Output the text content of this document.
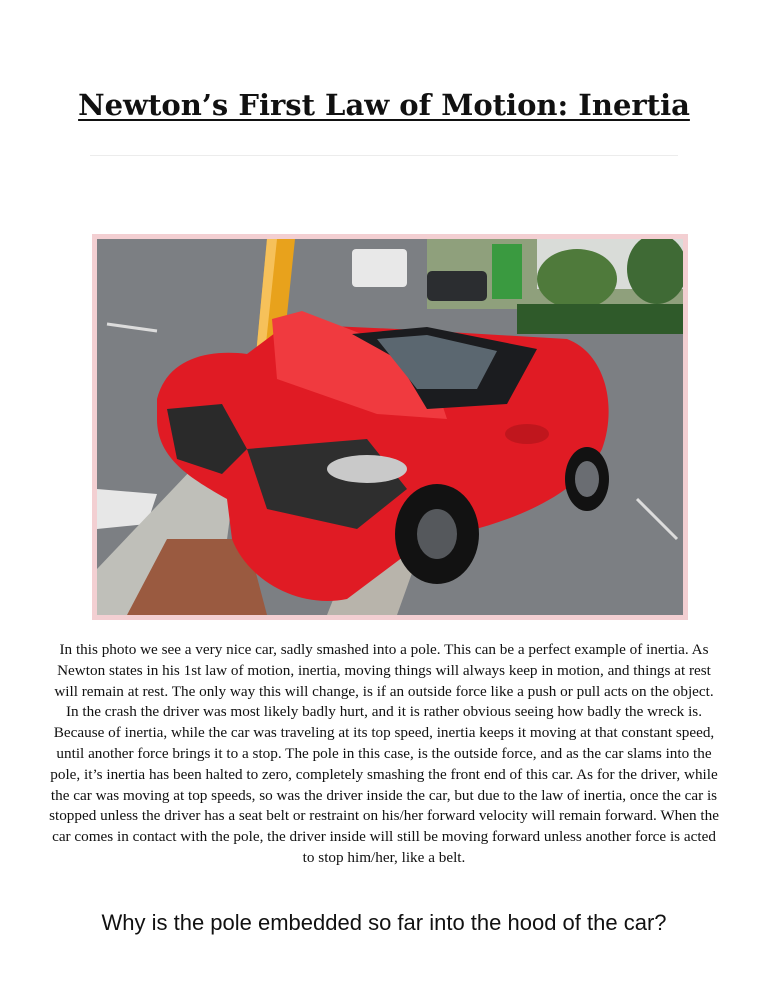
Newton’s First Law of Motion: Inertia

In this photo we see a very nice car, sadly smashed into a pole. This can be a perfect example of inertia. As Newton states in his 1st law of motion, inertia, moving things will always keep in motion, and things at rest will remain at rest. The only way this will change, is if an outside force like a push or pull acts on the object. In the crash the driver was most likely badly hurt, and it is rather obvious seeing how badly the wreck is. Because of inertia, while the car was traveling at its top speed, inertia keeps it moving at that constant speed, until another force brings it to a stop. The pole in this case, is the outside force, and as the car slams into the pole, it’s inertia has been halted to zero, completely smashing the front end of this car. As for the driver, while the car was moving at top speeds, so was the driver inside the car, but due to the law of inertia, once the car is stopped unless the driver has a seat belt or restraint on his/her forward velocity will remain forward. When the car comes in contact with the pole, the driver inside will still be moving forward unless another force is acted to stop him/her, like a belt.

Why is the pole embedded so far into the hood of the car?
